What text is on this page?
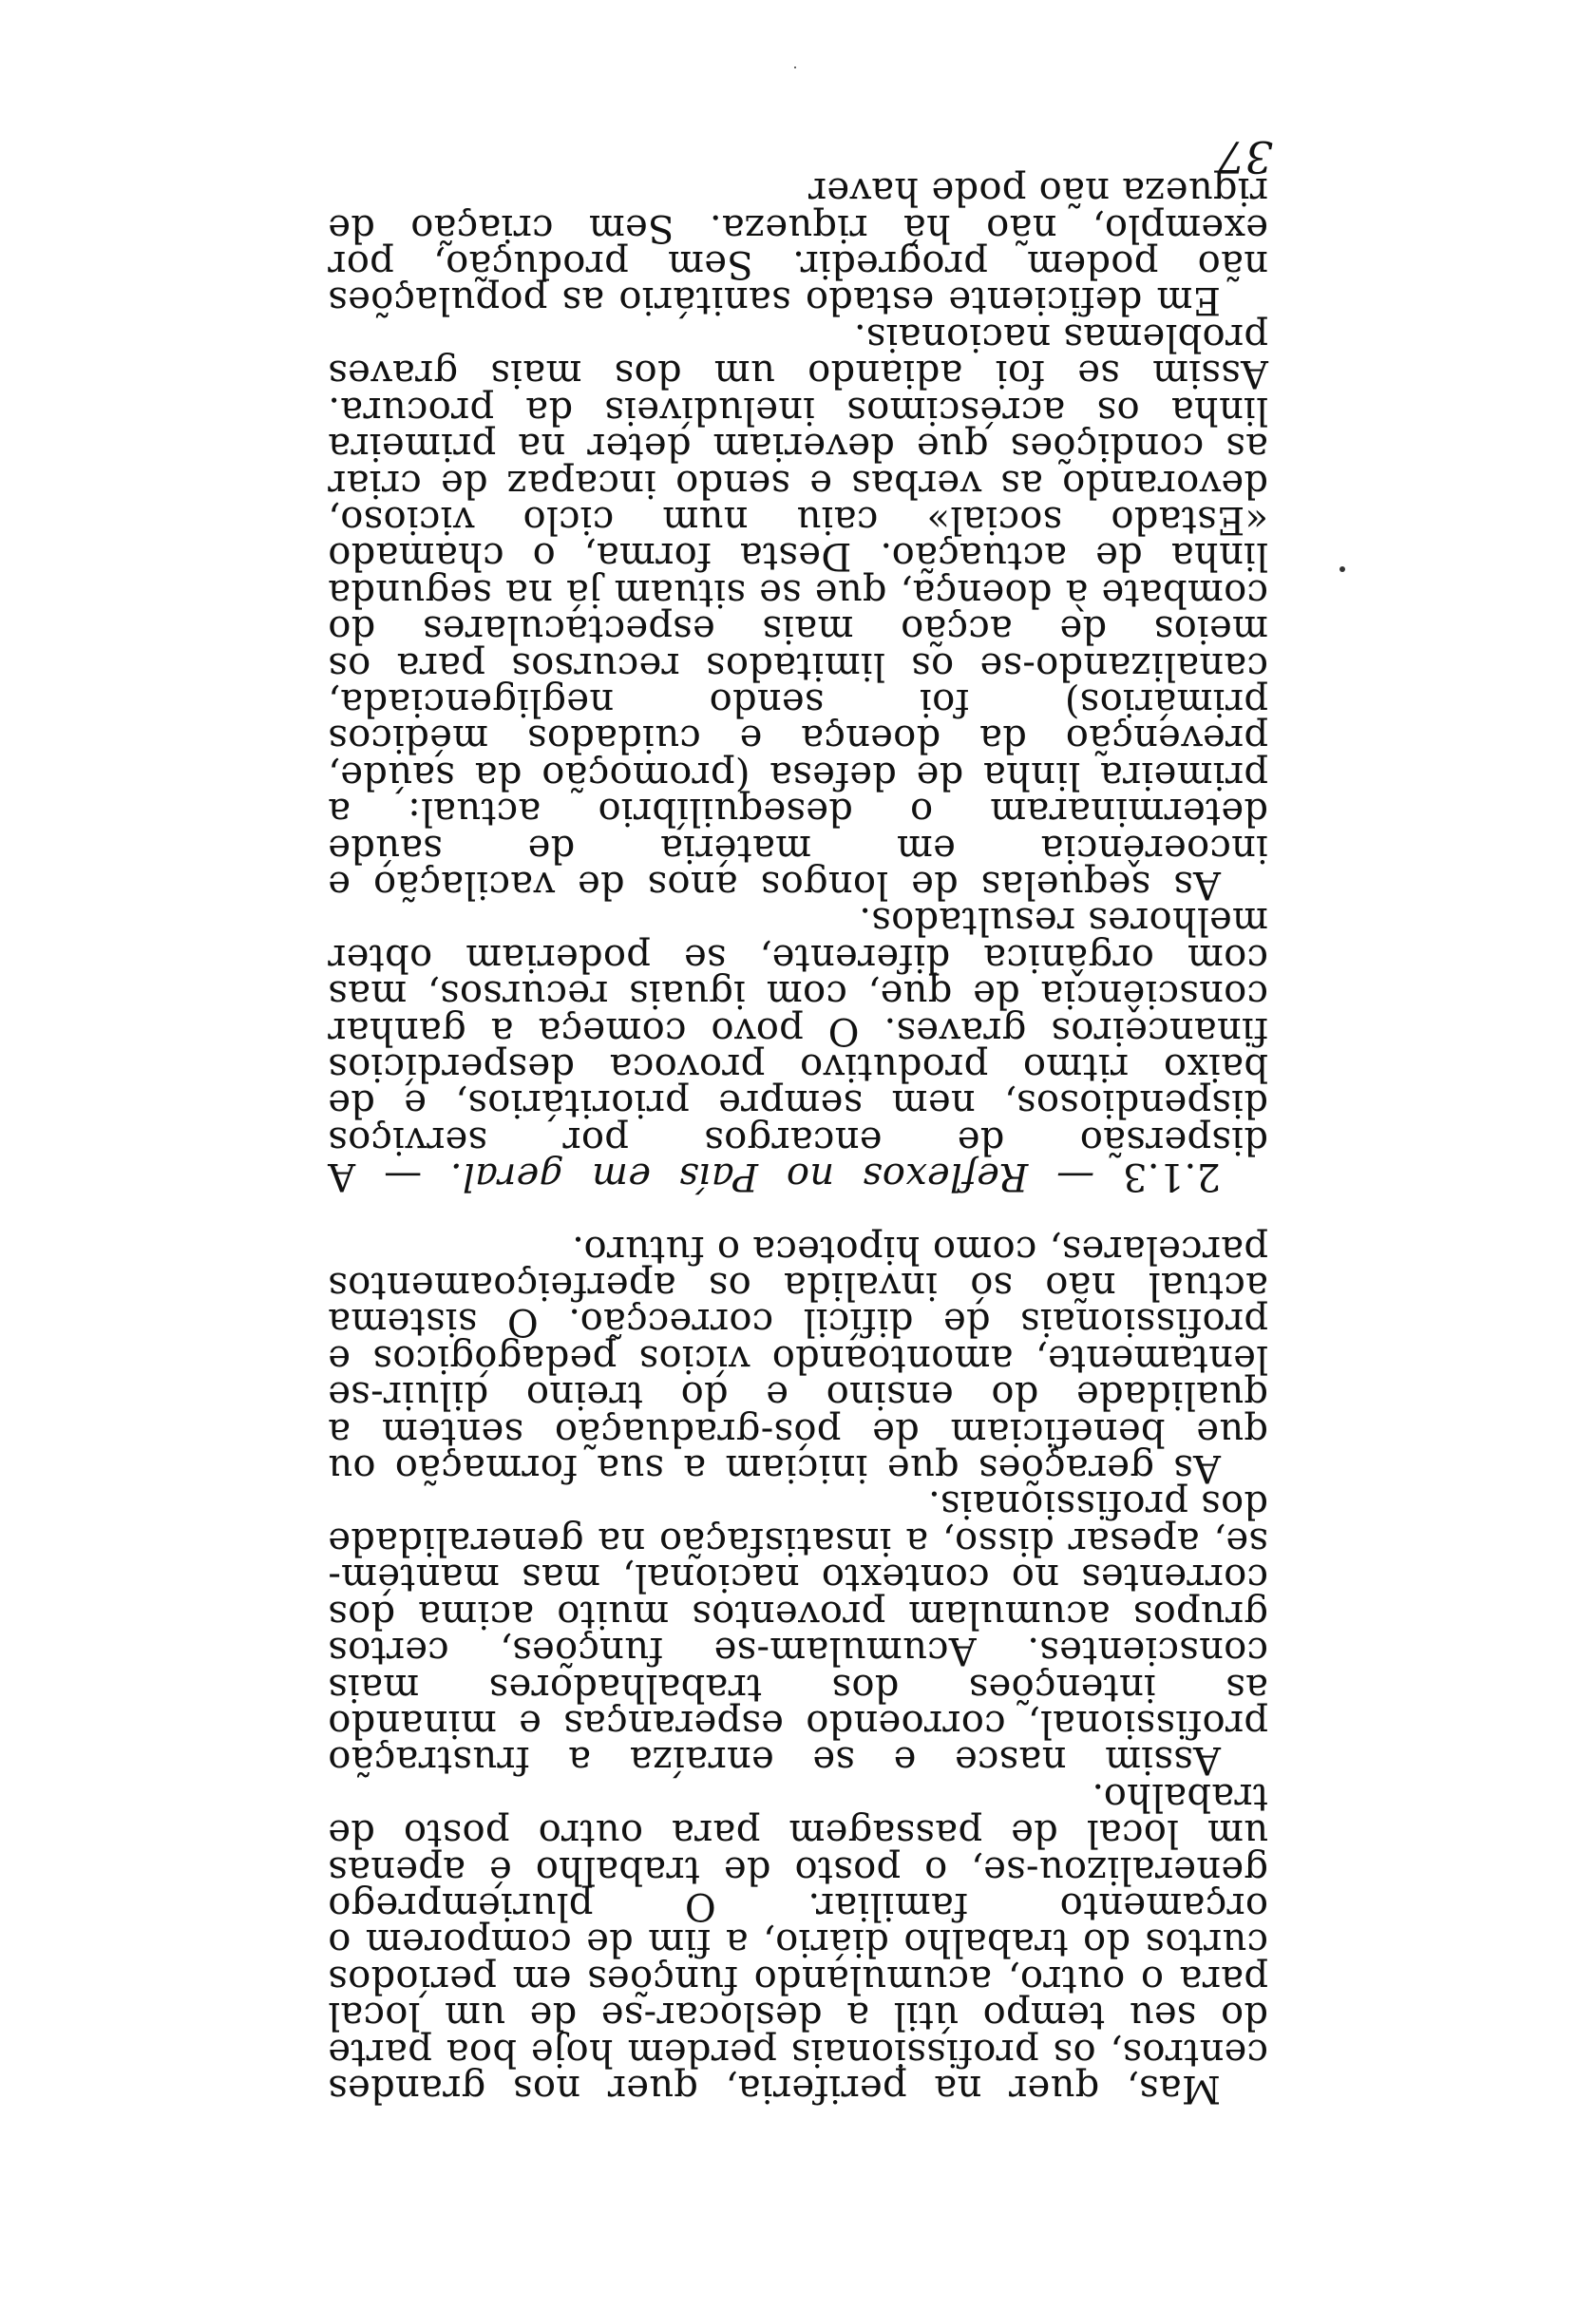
Mas, quer na periferia, quer nos grandes centros, os profissionais perdem hoje boa parte do seu tempo útil a deslocar-se de um local para o outro, acumulando funções em períodos curtos do trabalho diário, a fim de comporem o orçamento familiar. O pluriemprego generalizou-se, o posto de trabalho é apenas um local de passagem para outro posto de trabalho.

Assim nasce e se enraíza a frustração profissional, corroendo esperanças e minando as intenções dos trabalhadores mais conscientes. Acumulam-se funções, certos grupos acumulam proventos muito acima dos correntes no contexto nacional, mas mantém-se, apesar disso, a insatisfação na generalidade dos profissionais.

As gerações que iniciam a sua formação ou que beneficiam de pós-graduação sentem a qualidade do ensino e do treino diluir-se lentamente, amontoando vícios pedagógicos e profissionais de difícil correcção. O sistema actual não só invalida os aperfeiçoamentos parcelares, como hipoteca o futuro.

2.1.3 — Reflexos no País em geral. — A dispersão de encargos por serviços dispendiosos, nem sempre prioritários, e de baixo ritmo produtivo provoca desperdícios financeiros graves. O povo começa a ganhar consciência de que, com iguais recursos, mas com orgânica diferente, se poderiam obter melhores resultados.

As sequelas de longos anos de vacilação e incoerência em matéria de saúde determinaram o desequilíbrio actual: a primeira linha de defesa (promoção da saúde, prevenção da doença e cuidados médicos primários) foi sendo negligenciada, canalizando-se os limitados recursos para os meios de acção mais espectaculares do combate à doença, que se situam já na segunda linha de actuação. Desta forma, o chamado «Estado social» caiu num ciclo vicioso, devorando as verbas e sendo incapaz de criar as condições que deveriam deter na primeira linha os acréscimos ineludíveis da procura. Assim se foi adiando um dos mais graves problemas nacionais.

Em deficiente estado sanitário as populações não podem progredir. Sem produção, por exemplo, não há riqueza. Sem criação de riqueza não pode haver

37
